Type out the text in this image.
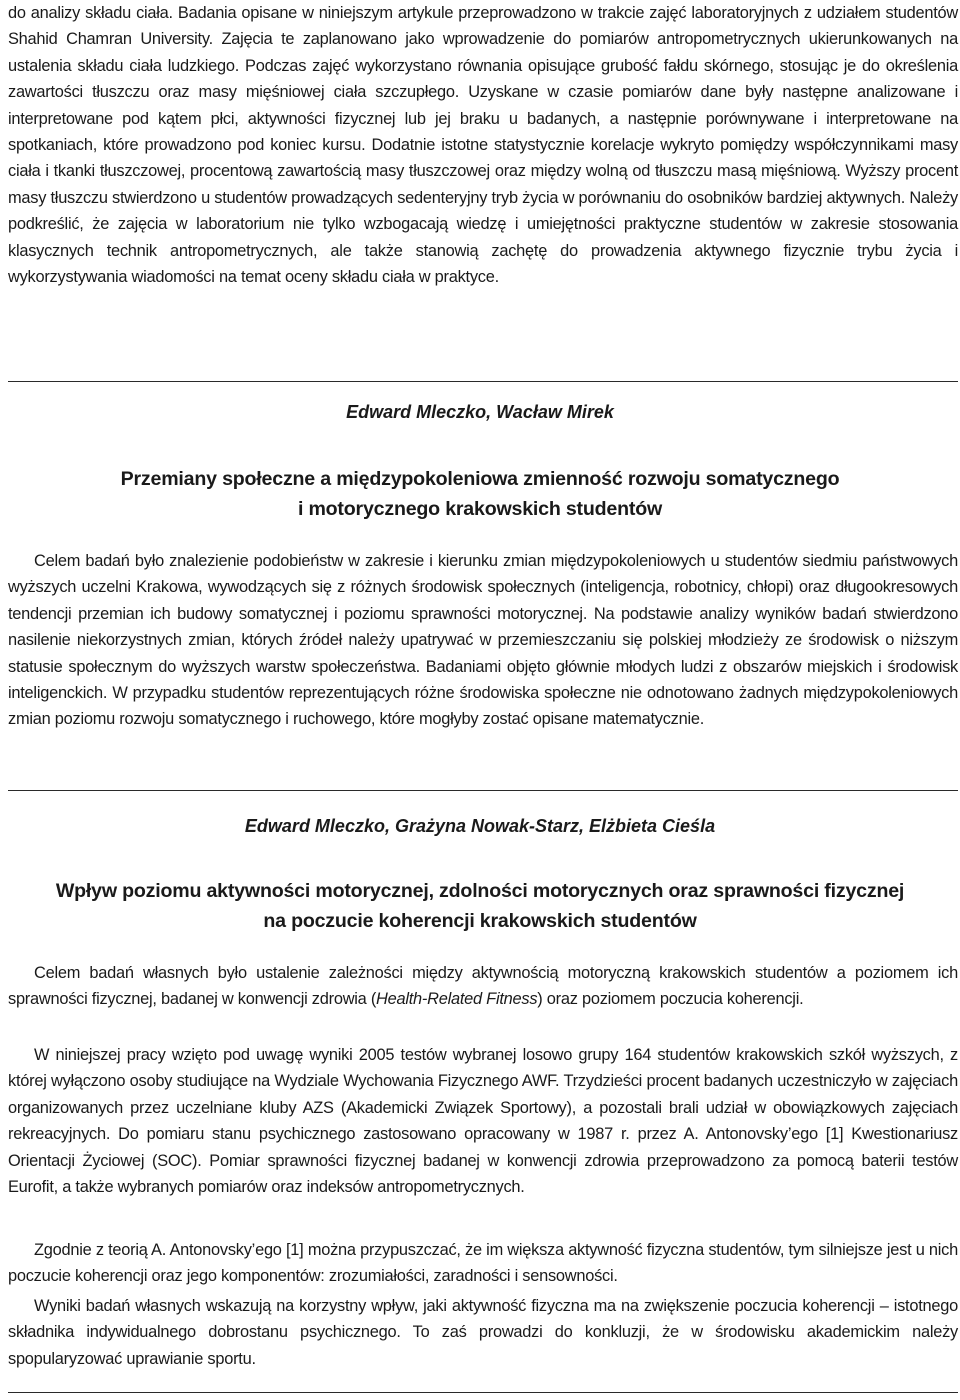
do analizy składu ciała. Badania opisane w niniejszym artykule przeprowadzono w trakcie zajęć laboratoryjnych z udziałem studentów Shahid Chamran University. Zajęcia te zaplanowano jako wprowadzenie do pomiarów antropometrycznych ukierunkowanych na ustalenia składu ciała ludzkiego. Podczas zajęć wykorzystano równania opisujące grubość fałdu skórnego, stosując je do określenia zawartości tłuszczu oraz masy mięśniowej ciała szczupłego. Uzyskane w czasie pomiarów dane były następne analizowane i interpretowane pod kątem płci, aktywności fizycznej lub jej braku u badanych, a następnie porównywane i interpretowane na spotkaniach, które prowadzono pod koniec kursu. Dodatnie istotne statystycznie korelacje wykryto pomiędzy współczynnikami masy ciała i tkanki tłuszczowej, procentową zawartością masy tłuszczowej oraz między wolną od tłuszczu masą mięśniową. Wyższy procent masy tłuszczu stwierdzono u studentów prowadzących sedenteryjny tryb życia w porównaniu do osobników bardziej aktywnych. Należy podkreślić, że zajęcia w laboratorium nie tylko wzbogacają wiedzę i umiejętności praktyczne studentów w zakresie stosowania klasycznych technik antropometrycznych, ale także stanowią zachętę do prowadzenia aktywnego fizycznie trybu życia i wykorzystywania wiadomości na temat oceny składu ciała w praktyce.

Edward Mleczko, Wacław Mirek

Przemiany społeczne a międzypokoleniowa zmienność rozwoju somatycznego
i motorycznego krakowskich studentów

Celem badań było znalezienie podobieństw w zakresie i kierunku zmian międzypokoleniowych u studentów siedmiu państwowych wyższych uczelni Krakowa, wywodzących się z różnych środowisk społecznych (inteligencja, robotnicy, chłopi) oraz długookresowych tendencji przemian ich budowy somatycznej i poziomu sprawności motorycznej. Na podstawie analizy wyników badań stwierdzono nasilenie niekorzystnych zmian, których źródeł należy upatrywać w przemieszczaniu się polskiej młodzieży ze środowisk o niższym statusie społecznym do wyższych warstw społeczeństwa. Badaniami objęto głównie młodych ludzi z obszarów miejskich i środowisk inteligenckich. W przypadku studentów reprezentujących różne środowiska społeczne nie odnotowano żadnych międzypokoleniowych zmian poziomu rozwoju somatycznego i ruchowego, które mogłyby zostać opisane matematycznie.

Edward Mleczko, Grażyna Nowak-Starz, Elżbieta Cieśla

Wpływ poziomu aktywności motorycznej, zdolności motorycznych oraz sprawności fizycznej
na poczucie koherencji krakowskich studentów

Celem badań własnych było ustalenie zależności między aktywnością motoryczną krakowskich studentów a poziomem ich sprawności fizycznej, badanej w konwencji zdrowia (Health-Related Fitness) oraz poziomem poczucia koherencji.

W niniejszej pracy wzięto pod uwagę wyniki 2005 testów wybranej losowo grupy 164 studentów krakowskich szkół wyższych, z której wyłączono osoby studiujące na Wydziale Wychowania Fizycznego AWF. Trzydzieści procent badanych uczestniczyło w zajęciach organizowanych przez uczelniane kluby AZS (Akademicki Związek Sportowy), a pozostali brali udział w obowiązkowych zajęciach rekreacyjnych. Do pomiaru stanu psychicznego zastosowano opracowany w 1987 r. przez A. Antonovsky’ego [1] Kwestionariusz Orientacji Życiowej (SOC). Pomiar sprawności fizycznej badanej w konwencji zdrowia przeprowadzono za pomocą baterii testów Eurofit, a także wybranych pomiarów oraz indeksów antropometrycznych.

Zgodnie z teorią A. Antonovsky’ego [1] można przypuszczać, że im większa aktywność fizyczna studentów, tym silniejsze jest u nich poczucie koherencji oraz jego komponentów: zrozumiałości, zaradności i sensowności.

Wyniki badań własnych wskazują na korzystny wpływ, jaki aktywność fizyczna ma na zwiększenie poczucia koherencji – istotnego składnika indywidualnego dobrostanu psychicznego. To zaś prowadzi do konkluzji, że w środowisku akademickim należy spopularyzować uprawianie sportu.
